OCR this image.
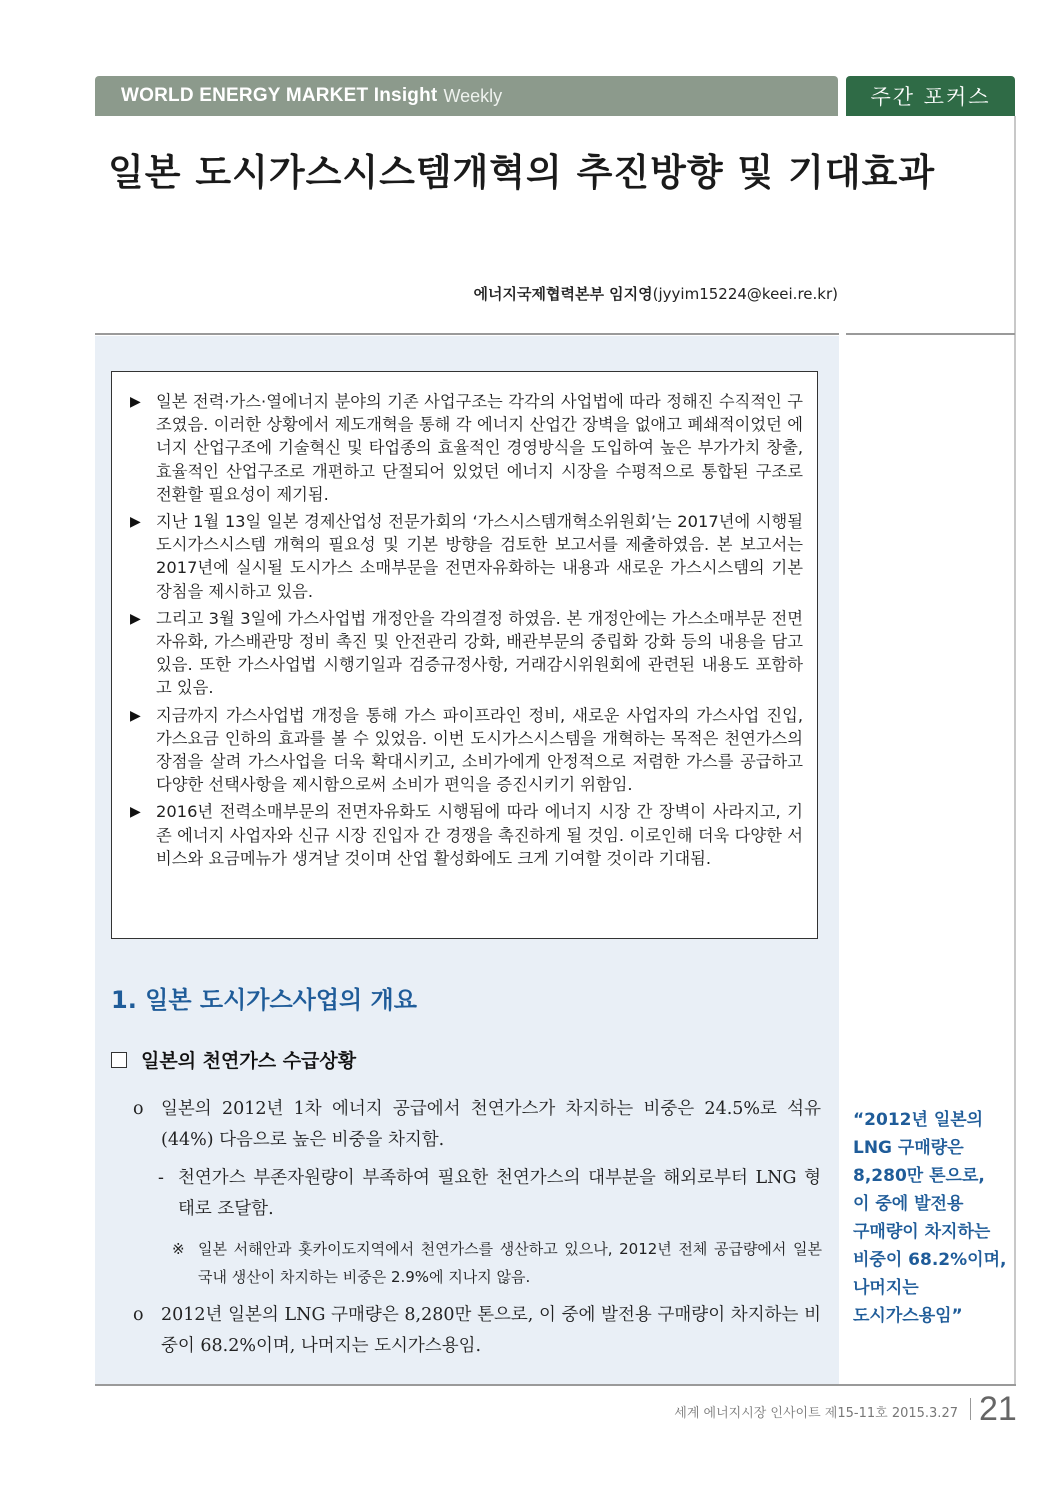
WORLD ENERGY MARKET Insight Weekly	주간 포커스
일본 도시가스시스템개혁의 추진방향 및 기대효과
에너지국제협력본부 임지영(jyyim15224@keei.re.kr)
▶ 일본 전력·가스·열에너지 분야의 기존 사업구조는 각각의 사업법에 따라 정해진 수직적인 구조였음. 이러한 상황에서 제도개혁을 통해 각 에너지 산업간 장벽을 없애고 폐쇄적이었던 에너지 산업구조에 기술혁신 및 타업종의 효율적인 경영방식을 도입하여 높은 부가가치 창출, 효율적인 산업구조로 개편하고 단절되어 있었던 에너지 시장을 수평적으로 통합된 구조로 전환할 필요성이 제기됨.
▶ 지난 1월 13일 일본 경제산업성 전문가회의 ‘가스시스템개혁소위원회’는 2017년에 시행될 도시가스시스템 개혁의 필요성 및 기본 방향을 검토한 보고서를 제출하였음. 본 보고서는 2017년에 실시될 도시가스 소매부문을 전면자유화하는 내용과 새로운 가스시스템의 기본 장침을 제시하고 있음.
▶ 그리고 3월 3일에 가스사업법 개정안을 각의결정 하였음. 본 개정안에는 가스소매부문 전면자유화, 가스배관망 정비 촉진 및 안전관리 강화, 배관부문의 중립화 강화 등의 내용을 담고 있음. 또한 가스사업법 시행기일과 검증규정사항, 거래감시위원회에 관련된 내용도 포함하고 있음.
▶ 지금까지 가스사업법 개정을 통해 가스 파이프라인 정비, 새로운 사업자의 가스사업 진입, 가스요금 인하의 효과를 볼 수 있었음. 이번 도시가스시스템을 개혁하는 목적은 천연가스의 장점을 살려 가스사업을 더욱 확대시키고, 소비가에게 안정적으로 저렴한 가스를 공급하고 다양한 선택사항을 제시함으로써 소비가 편익을 증진시키기 위함임.
▶ 2016년 전력소매부문의 전면자유화도 시행됨에 따라 에너지 시장 간 장벽이 사라지고, 기존 에너지 사업자와 신규 시장 진입자 간 경쟁을 촉진하게 될 것임. 이로인해 더욱 다양한 서비스와 요금메뉴가 생겨날 것이며 산업 활성화에도 크게 기여할 것이라 기대됨.
1. 일본 도시가스사업의 개요
일본의 천연가스 수급상황
o 일본의 2012년 1차 에너지 공급에서 천연가스가 차지하는 비중은 24.5%로 석유(44%) 다음으로 높은 비중을 차지함.
- 천연가스 부존자원량이 부족하여 필요한 천연가스의 대부분을 해외로부터 LNG 형태로 조달함.
※ 일본 서해안과 홋카이도지역에서 천연가스를 생산하고 있으나, 2012년 전체 공급량에서 일본 국내 생산이 차지하는 비중은 2.9%에 지나지 않음.
o 2012년 일본의 LNG 구매량은 8,280만 톤으로, 이 중에 발전용 구매량이 차지하는 비중이 68.2%이며, 나머지는 도시가스용임.
“2012년 일본의
LNG 구매량은
8,280만 톤으로,
이 중에 발전용
구매량이 차지하는
비중이 68.2%이며,
나머지는
도시가스용임”
세계 에너지시장 인사이트 제15-11호 2015.3.27 21
